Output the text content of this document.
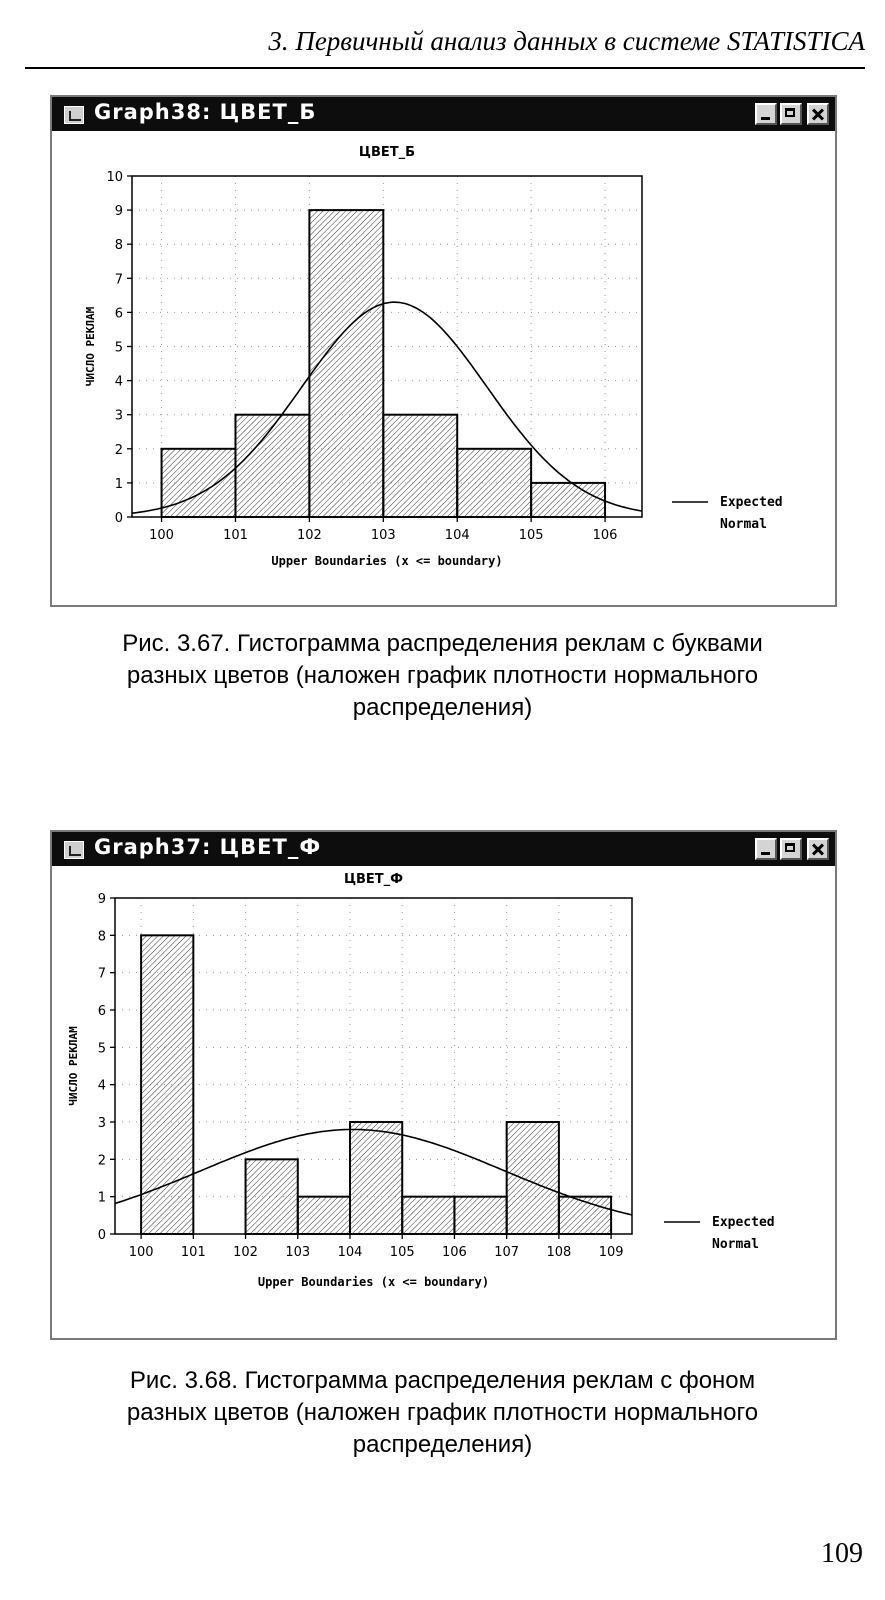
3. Первичный анализ данных в системе STATISTICA
Graph38: ЦВЕТ_Б
ЦВЕТ_Б
0
1
2
3
4
5
6
7
8
9
10
100	101	102	103	104	105	106
Upper Boundaries (x <= boundary)
ЧИСЛО РЕКЛАМ
Expected
Normal
Рис. 3.67. Гистограмма распределения реклам с буквами
разных цветов (наложен график плотности нормального
распределения)
Graph37: ЦВЕТ_Ф
ЦВЕТ_Ф
0
1
2
3
4
5
6
7
8
9
100 101 102 103 104 105 106 107 108 109
Upper Boundaries (x <= boundary)
ЧИСЛО РЕКЛАМ
Expected
Normal
Рис. 3.68. Гистограмма распределения реклам с фоном
разных цветов (наложен график плотности нормального
распределения)
109
